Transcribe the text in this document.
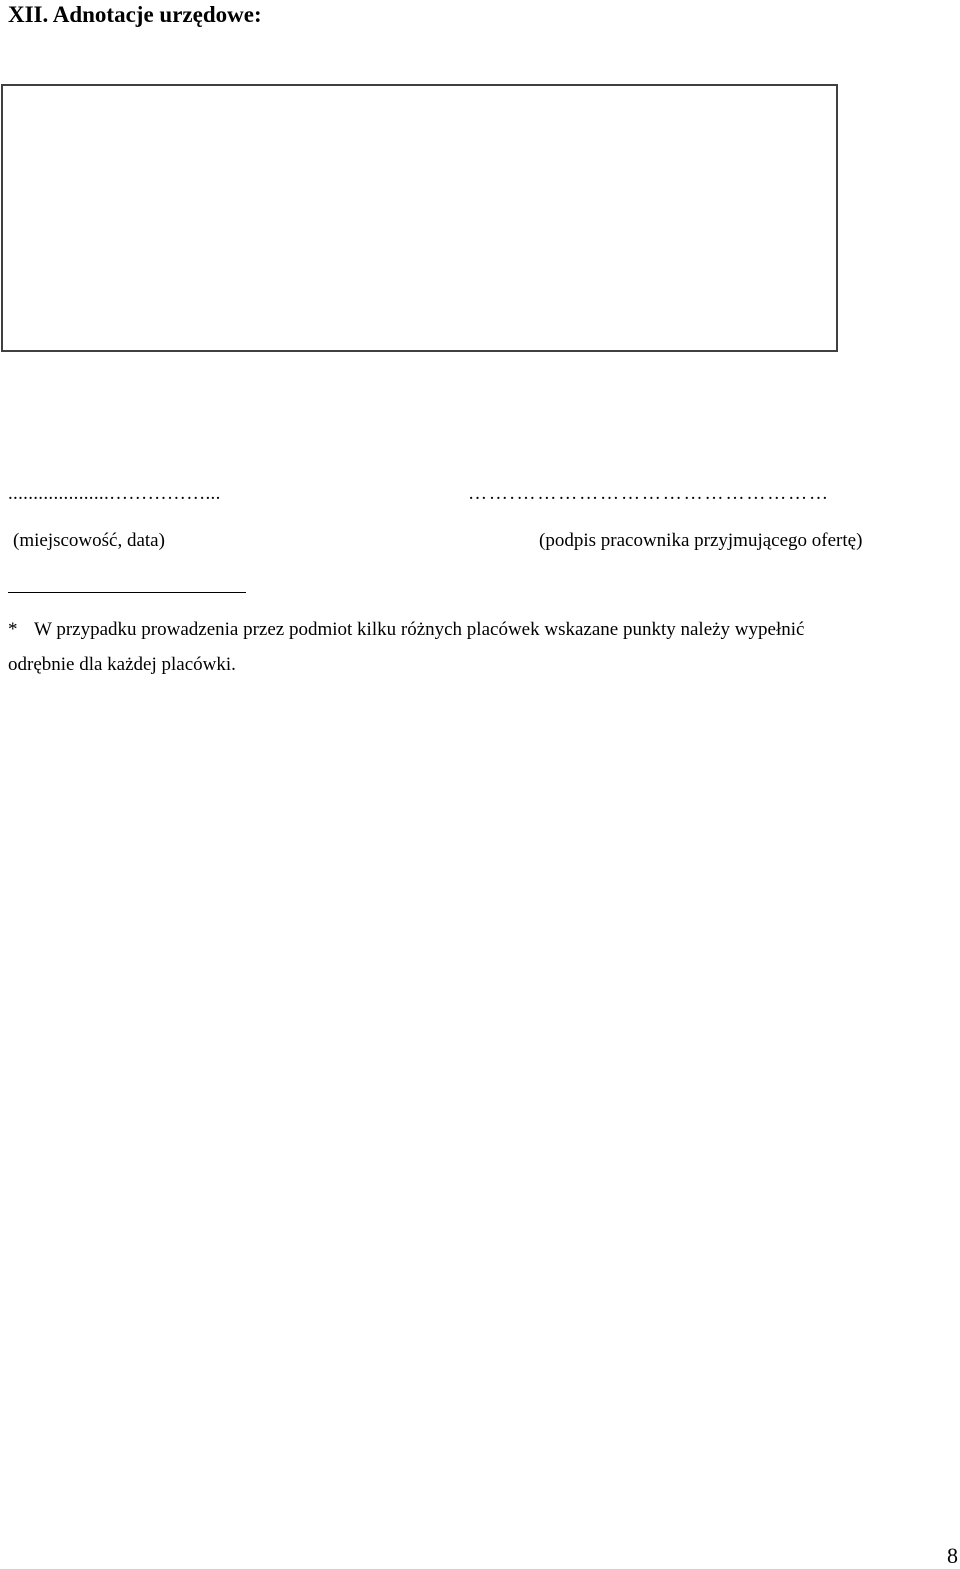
XII. Adnotacje urzędowe:
....................……………...	…….………………………………………
(miejscowość, data)	(podpis pracownika przyjmującego ofertę)
* W przypadku prowadzenia przez podmiot kilku różnych placówek wskazane punkty należy wypełnić
odrębnie dla każdej placówki.
8
